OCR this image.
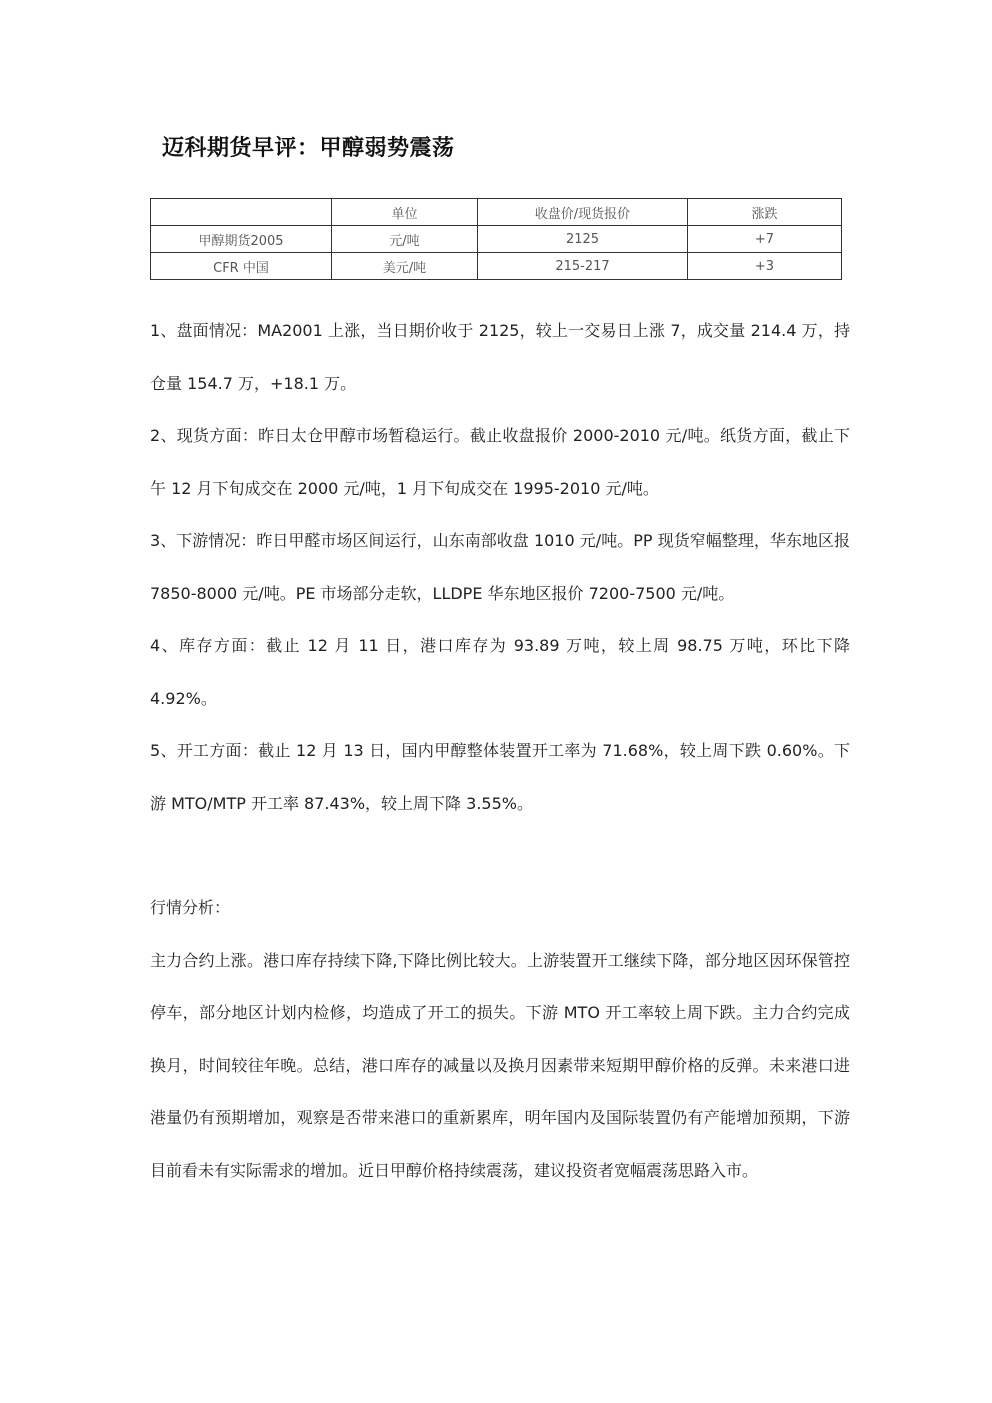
迈科期货早评：甲醇弱势震荡
	单位	收盘价/现货报价	涨跌
甲醇期货2005	元/吨	2125	+7
CFR 中国	美元/吨	215-217	+3

1、盘面情况：MA2001 上涨，当日期价收于 2125，较上一交易日上涨 7，成交量 214.4 万，持仓量 154.7 万，+18.1 万。

2、现货方面：昨日太仓甲醇市场暂稳运行。截止收盘报价 2000-2010 元/吨。纸货方面，截止下午 12 月下旬成交在 2000 元/吨，1 月下旬成交在 1995-2010 元/吨。

3、下游情况：昨日甲醛市场区间运行，山东南部收盘 1010 元/吨。PP 现货窄幅整理，华东地区报 7850-8000 元/吨。PE 市场部分走软，LLDPE 华东地区报价 7200-7500 元/吨。

4、库存方面：截止 12 月 11 日，港口库存为 93.89 万吨，较上周 98.75 万吨，环比下降 4.92%。

5、开工方面：截止 12 月 13 日，国内甲醇整体装置开工率为 71.68%，较上周下跌 0.60%。下游 MTO/MTP 开工率 87.43%，较上周下降 3.55%。

行情分析：

主力合约上涨。港口库存持续下降,下降比例比较大。上游装置开工继续下降，部分地区因环保管控停车，部分地区计划内检修，均造成了开工的损失。下游 MTO 开工率较上周下跌。主力合约完成换月，时间较往年晚。总结，港口库存的减量以及换月因素带来短期甲醇价格的反弹。未来港口进港量仍有预期增加，观察是否带来港口的重新累库，明年国内及国际装置仍有产能增加预期，下游目前看未有实际需求的增加。近日甲醇价格持续震荡，建议投资者宽幅震荡思路入市。
